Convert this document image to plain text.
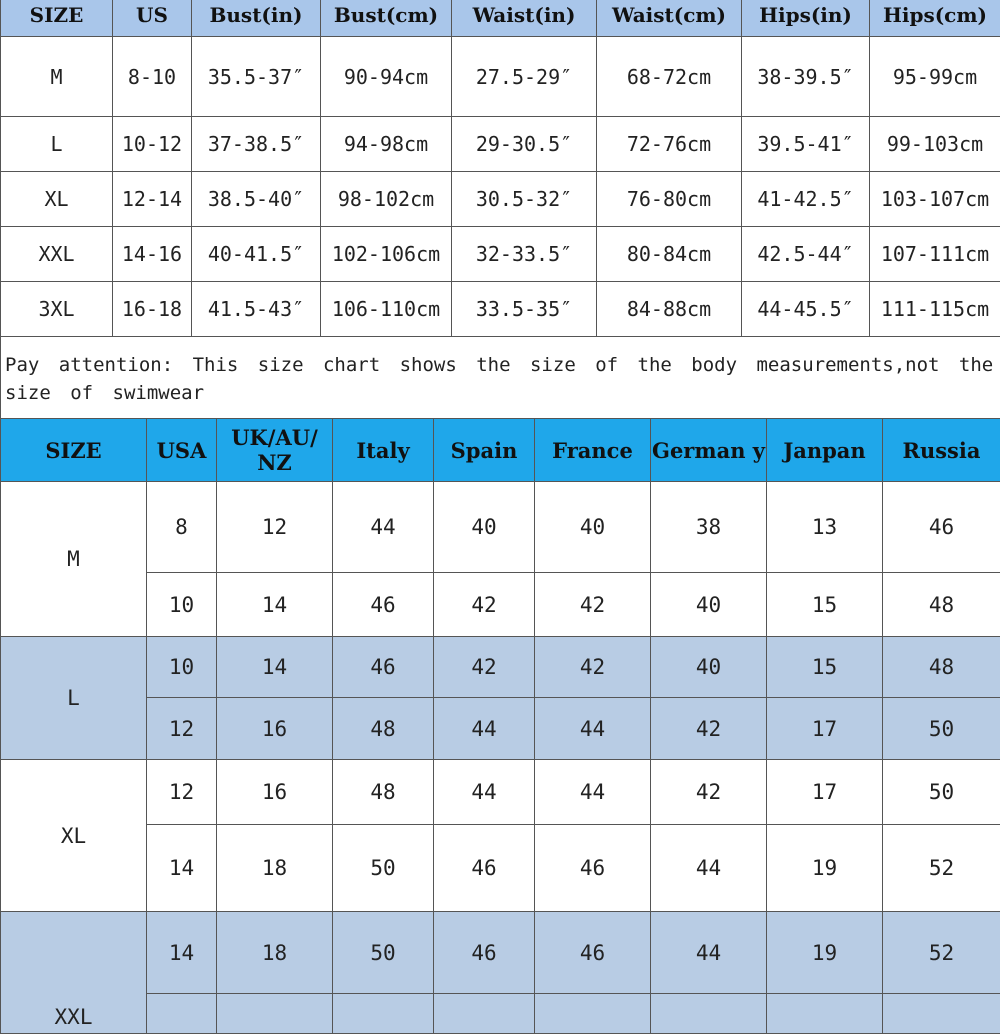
SIZE	US	Bust(in)	Bust(cm)	Waist(in)	Waist(cm)	Hips(in)	Hips(cm)
M	8-10	35.5-37″	90-94cm	27.5-29″	68-72cm	38-39.5″	95-99cm
L	10-12	37-38.5″	94-98cm	29-30.5″	72-76cm	39.5-41″	99-103cm
XL	12-14	38.5-40″	98-102cm	30.5-32″	76-80cm	41-42.5″	103-107cm
XXL	14-16	40-41.5″	102-106cm	32-33.5″	80-84cm	42.5-44″	107-111cm
3XL	16-18	41.5-43″	106-110cm	33.5-35″	84-88cm	44-45.5″	111-115cm
Pay attention: This size chart shows the size of the body measurements,not the size of swimwear							
SIZE	USA	UK/AU/ NZ	Italy	Spain	France	German y	Janpan	Russia
M	8	12	44	40	40	38	13	46
	10	14	46	42	42	40	15	48
L	10	14	46	42	42	40	15	48
	12	16	48	44	44	42	17	50
XL	12	16	48	44	44	42	17	50
	14	18	50	46	46	44	19	52
XXL	14	18	50	46	46	44	19	52
